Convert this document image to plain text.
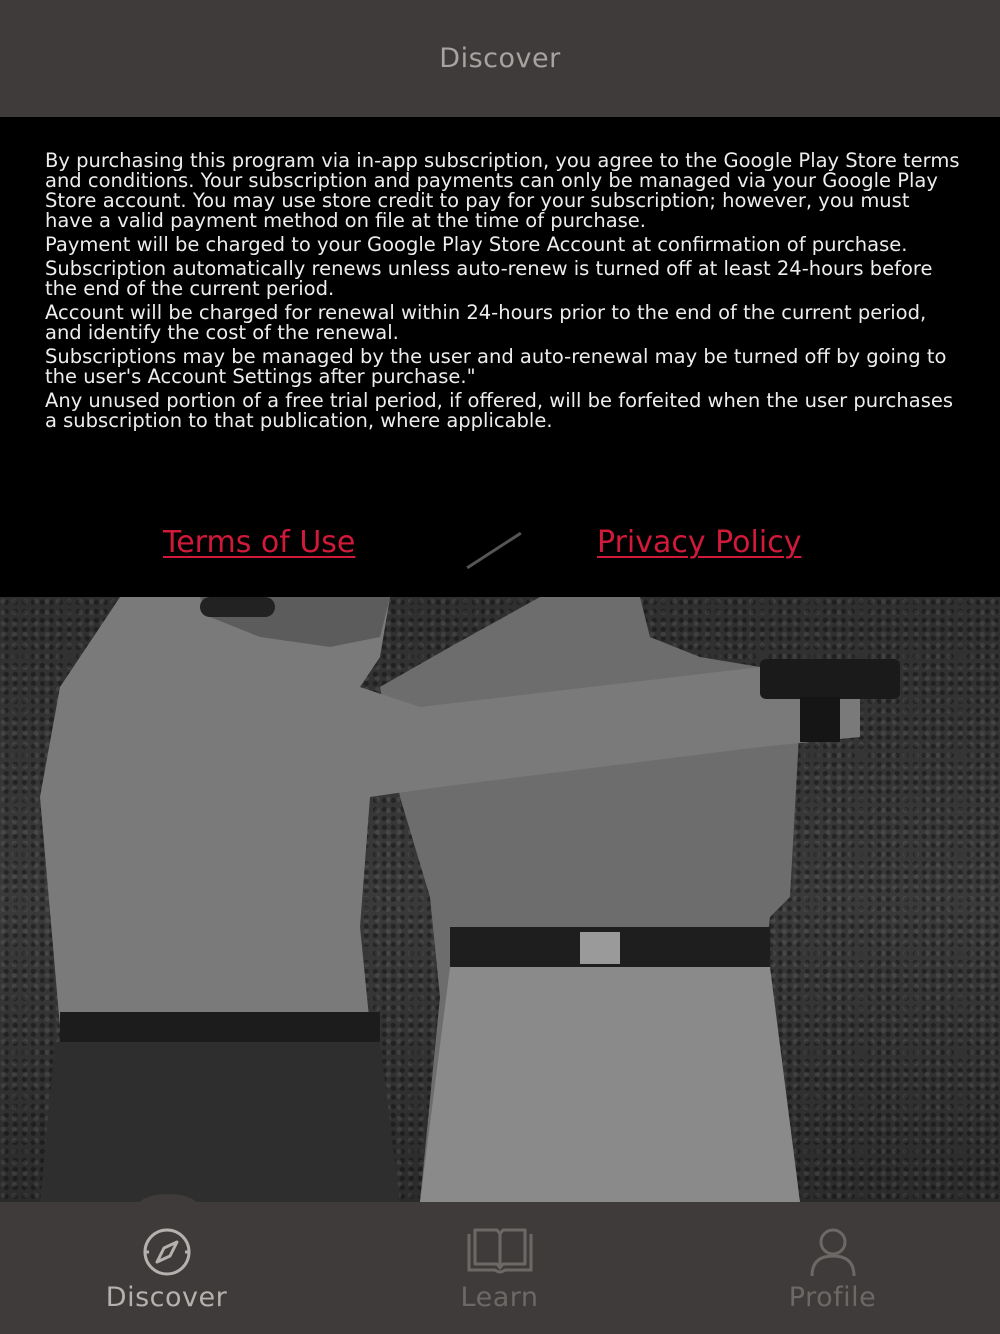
Discover

By purchasing this program via in-app subscription, you agree to the Google Play Store terms and conditions. Your subscription and payments can only be managed via your Google Play Store account. You may use store credit to pay for your subscription; however, you must have a valid payment method on file at the time of purchase.

Payment will be charged to your Google Play Store Account at confirmation of purchase.

Subscription automatically renews unless auto-renew is turned off at least 24-hours before the end of the current period.

Account will be charged for renewal within 24-hours prior to the end of the current period, and identify the cost of the renewal.

Subscriptions may be managed by the user and auto-renewal may be turned off by going to the user's Account Settings after purchase."

Any unused portion of a free trial period, if offered, will be forfeited when the user purchases a subscription to that publication, where applicable.

Terms of Use	Privacy Policy
Discover	Learn	Profile
